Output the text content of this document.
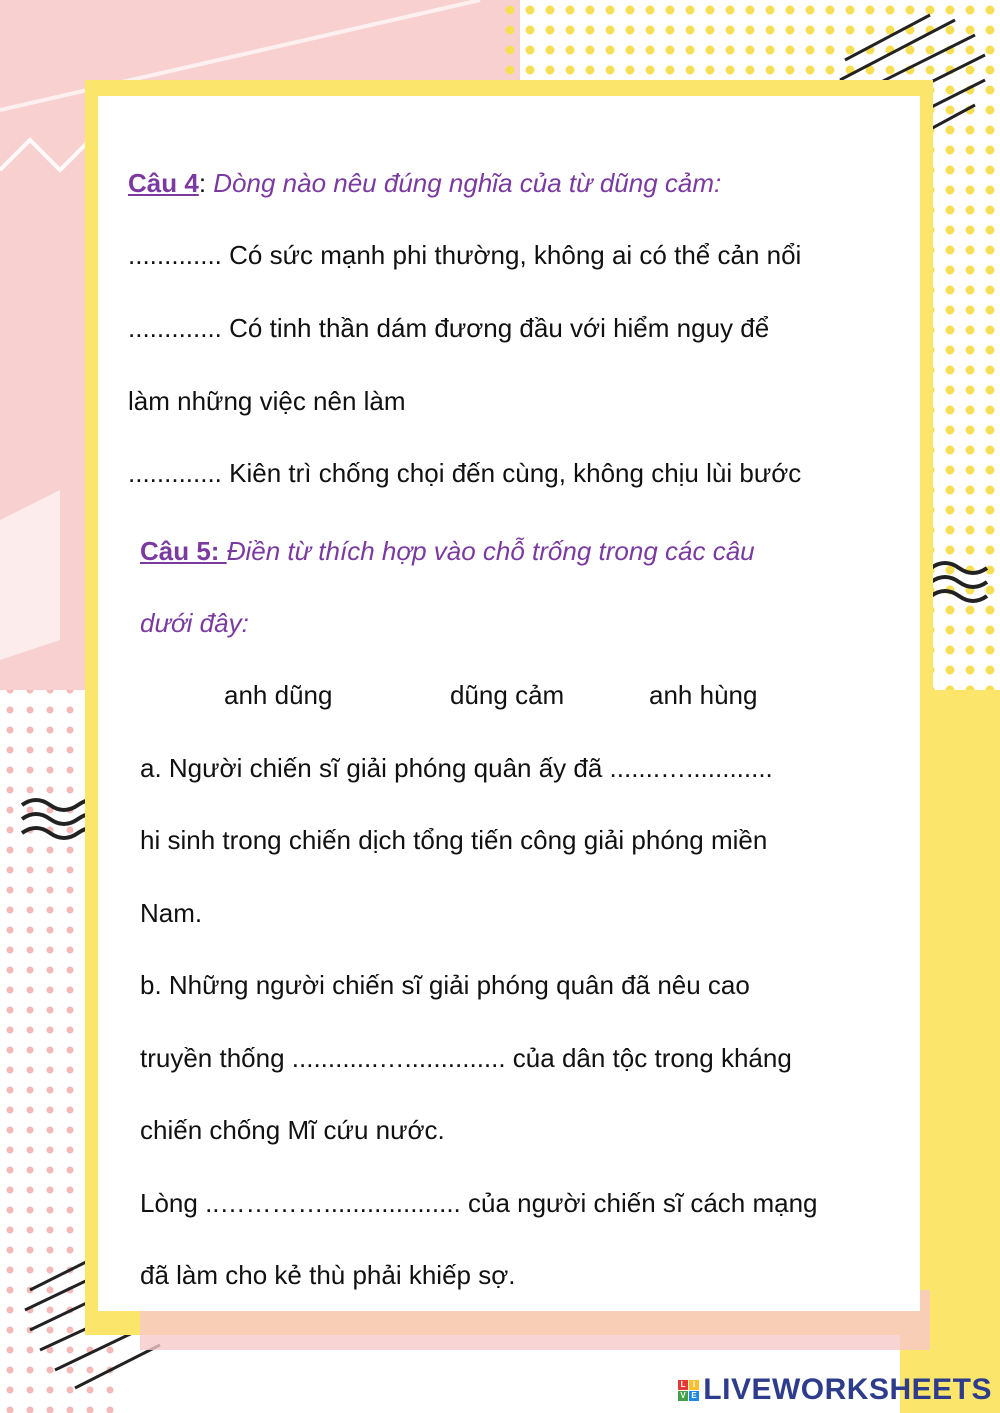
Câu 4: Dòng nào nêu đúng nghĩa của từ dũng cảm:
............. Có sức mạnh phi thường, không ai có thể cản nổi
............. Có tinh thần dám đương đầu với hiểm nguy để
làm những việc nên làm
............. Kiên trì chống chọi đến cùng, không chịu lùi bước
Câu 5: Điền từ thích hợp vào chỗ trống trong các câu
dưới đây:
anh dũng	dũng cảm	anh hùng
a. Người chiến sĩ giải phóng quân ấy đã .......…............
hi sinh trong chiến dịch tổng tiến công giải phóng miền
Nam.
b. Những người chiến sĩ giải phóng quân đã nêu cao
truyền thống ............….............. của dân tộc trong kháng
chiến chống Mĩ cứu nước.
Lòng ..…………................... của người chiến sĩ cách mạng
đã làm cho kẻ thù phải khiếp sợ.
L I
V E LIVEWORKSHEETS
